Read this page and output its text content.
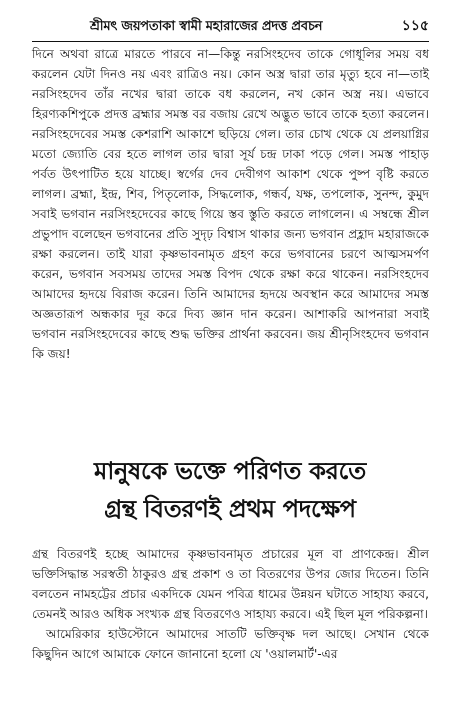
শ্রীমৎ জয়পতাকা স্বামী মহারাজের প্রদত্ত প্রবচন	১১৫

দিনে অথবা রাত্রে মারতে পারবে না—কিন্তু নরসিংহদেব তাকে গোধূলির সময় বধ করলেন যেটা দিনও নয় এবং রাত্রিও নয়। কোন অস্ত্র দ্বারা তার মৃত্যু হবে না—তাই নরসিংহদেব তাঁর নখের দ্বারা তাকে বধ করলেন, নখ কোন অস্ত্র নয়। এভাবে হিরণ্যকশিপুকে প্রদত্ত ব্রহ্মার সমস্ত বর বজায় রেখে অদ্ভুত ভাবে তাকে হত্যা করলেন। নরসিংহদেবের সমস্ত কেশরাশি আকাশে ছড়িয়ে গেল। তার চোখ থেকে যে প্রলয়াগ্নির মতো জ্যোতি বের হতে লাগল তার দ্বারা সূর্য চন্দ্র ঢাকা পড়ে গেল। সমস্ত পাহাড় পর্বত উৎপাটিত হয়ে যাচ্ছে। স্বর্গের দেব দেবীগণ আকাশ থেকে পুষ্প বৃষ্টি করতে লাগল। ব্রহ্মা, ইন্দ্র, শিব, পিতৃলোক, সিদ্ধলোক, গন্ধর্ব, যক্ষ, তপলোক, সুনন্দ, কুমুদ সবাই ভগবান নরসিংহদেবের কাছে গিয়ে স্তব স্তুতি করতে লাগলেন। এ সম্বন্ধে শ্রীল প্রভুপাদ বলেছেন ভগবানের প্রতি সুদৃঢ় বিশ্বাস থাকার জন্য ভগবান প্রহ্লাদ মহারাজকে রক্ষা করলেন। তাই যারা কৃষ্ণভাবনামৃত গ্রহণ করে ভগবানের চরণে আত্মসমর্পণ করেন, ভগবান সবসময় তাদের সমস্ত বিপদ থেকে রক্ষা করে থাকেন। নরসিংহদেব আমাদের হৃদয়ে বিরাজ করেন। তিনি আমাদের হৃদয়ে অবস্থান করে আমাদের সমস্ত অজ্ঞতারূপ অন্ধকার দূর করে দিব্য জ্ঞান দান করেন। আশাকরি আপনারা সবাই ভগবান নরসিংহদেবের কাছে শুদ্ধ ভক্তির প্রার্থনা করবেন। জয় শ্রীনৃসিংহদেব ভগবান কি জয়!

মানুষকে ভক্তে পরিণত করতে
গ্রন্থ বিতরণই প্রথম পদক্ষেপ

গ্রন্থ বিতরণই হচ্ছে আমাদের কৃষ্ণভাবনামৃত প্রচারের মূল বা প্রাণকেন্দ্র। শ্রীল ভক্তিসিদ্ধান্ত সরস্বতী ঠাকুরও গ্রন্থ প্রকাশ ও তা বিতরণের উপর জোর দিতেন। তিনি বলতেন নামহট্টের প্রচার একদিকে যেমন পবিত্র ধামের উন্নয়ন ঘটাতে সাহায্য করবে, তেমনই আরও অধিক সংখ্যক গ্রন্থ বিতরণেও সাহায্য করবে। এই ছিল মূল পরিকল্পনা।

আমেরিকার হাউস্টোনে আমাদের সাতটি ভক্তিবৃক্ষ দল আছে। সেখান থেকে কিছুদিন আগে আমাকে ফোনে জানানো হলো যে 'ওয়ালমার্ট'-এর
